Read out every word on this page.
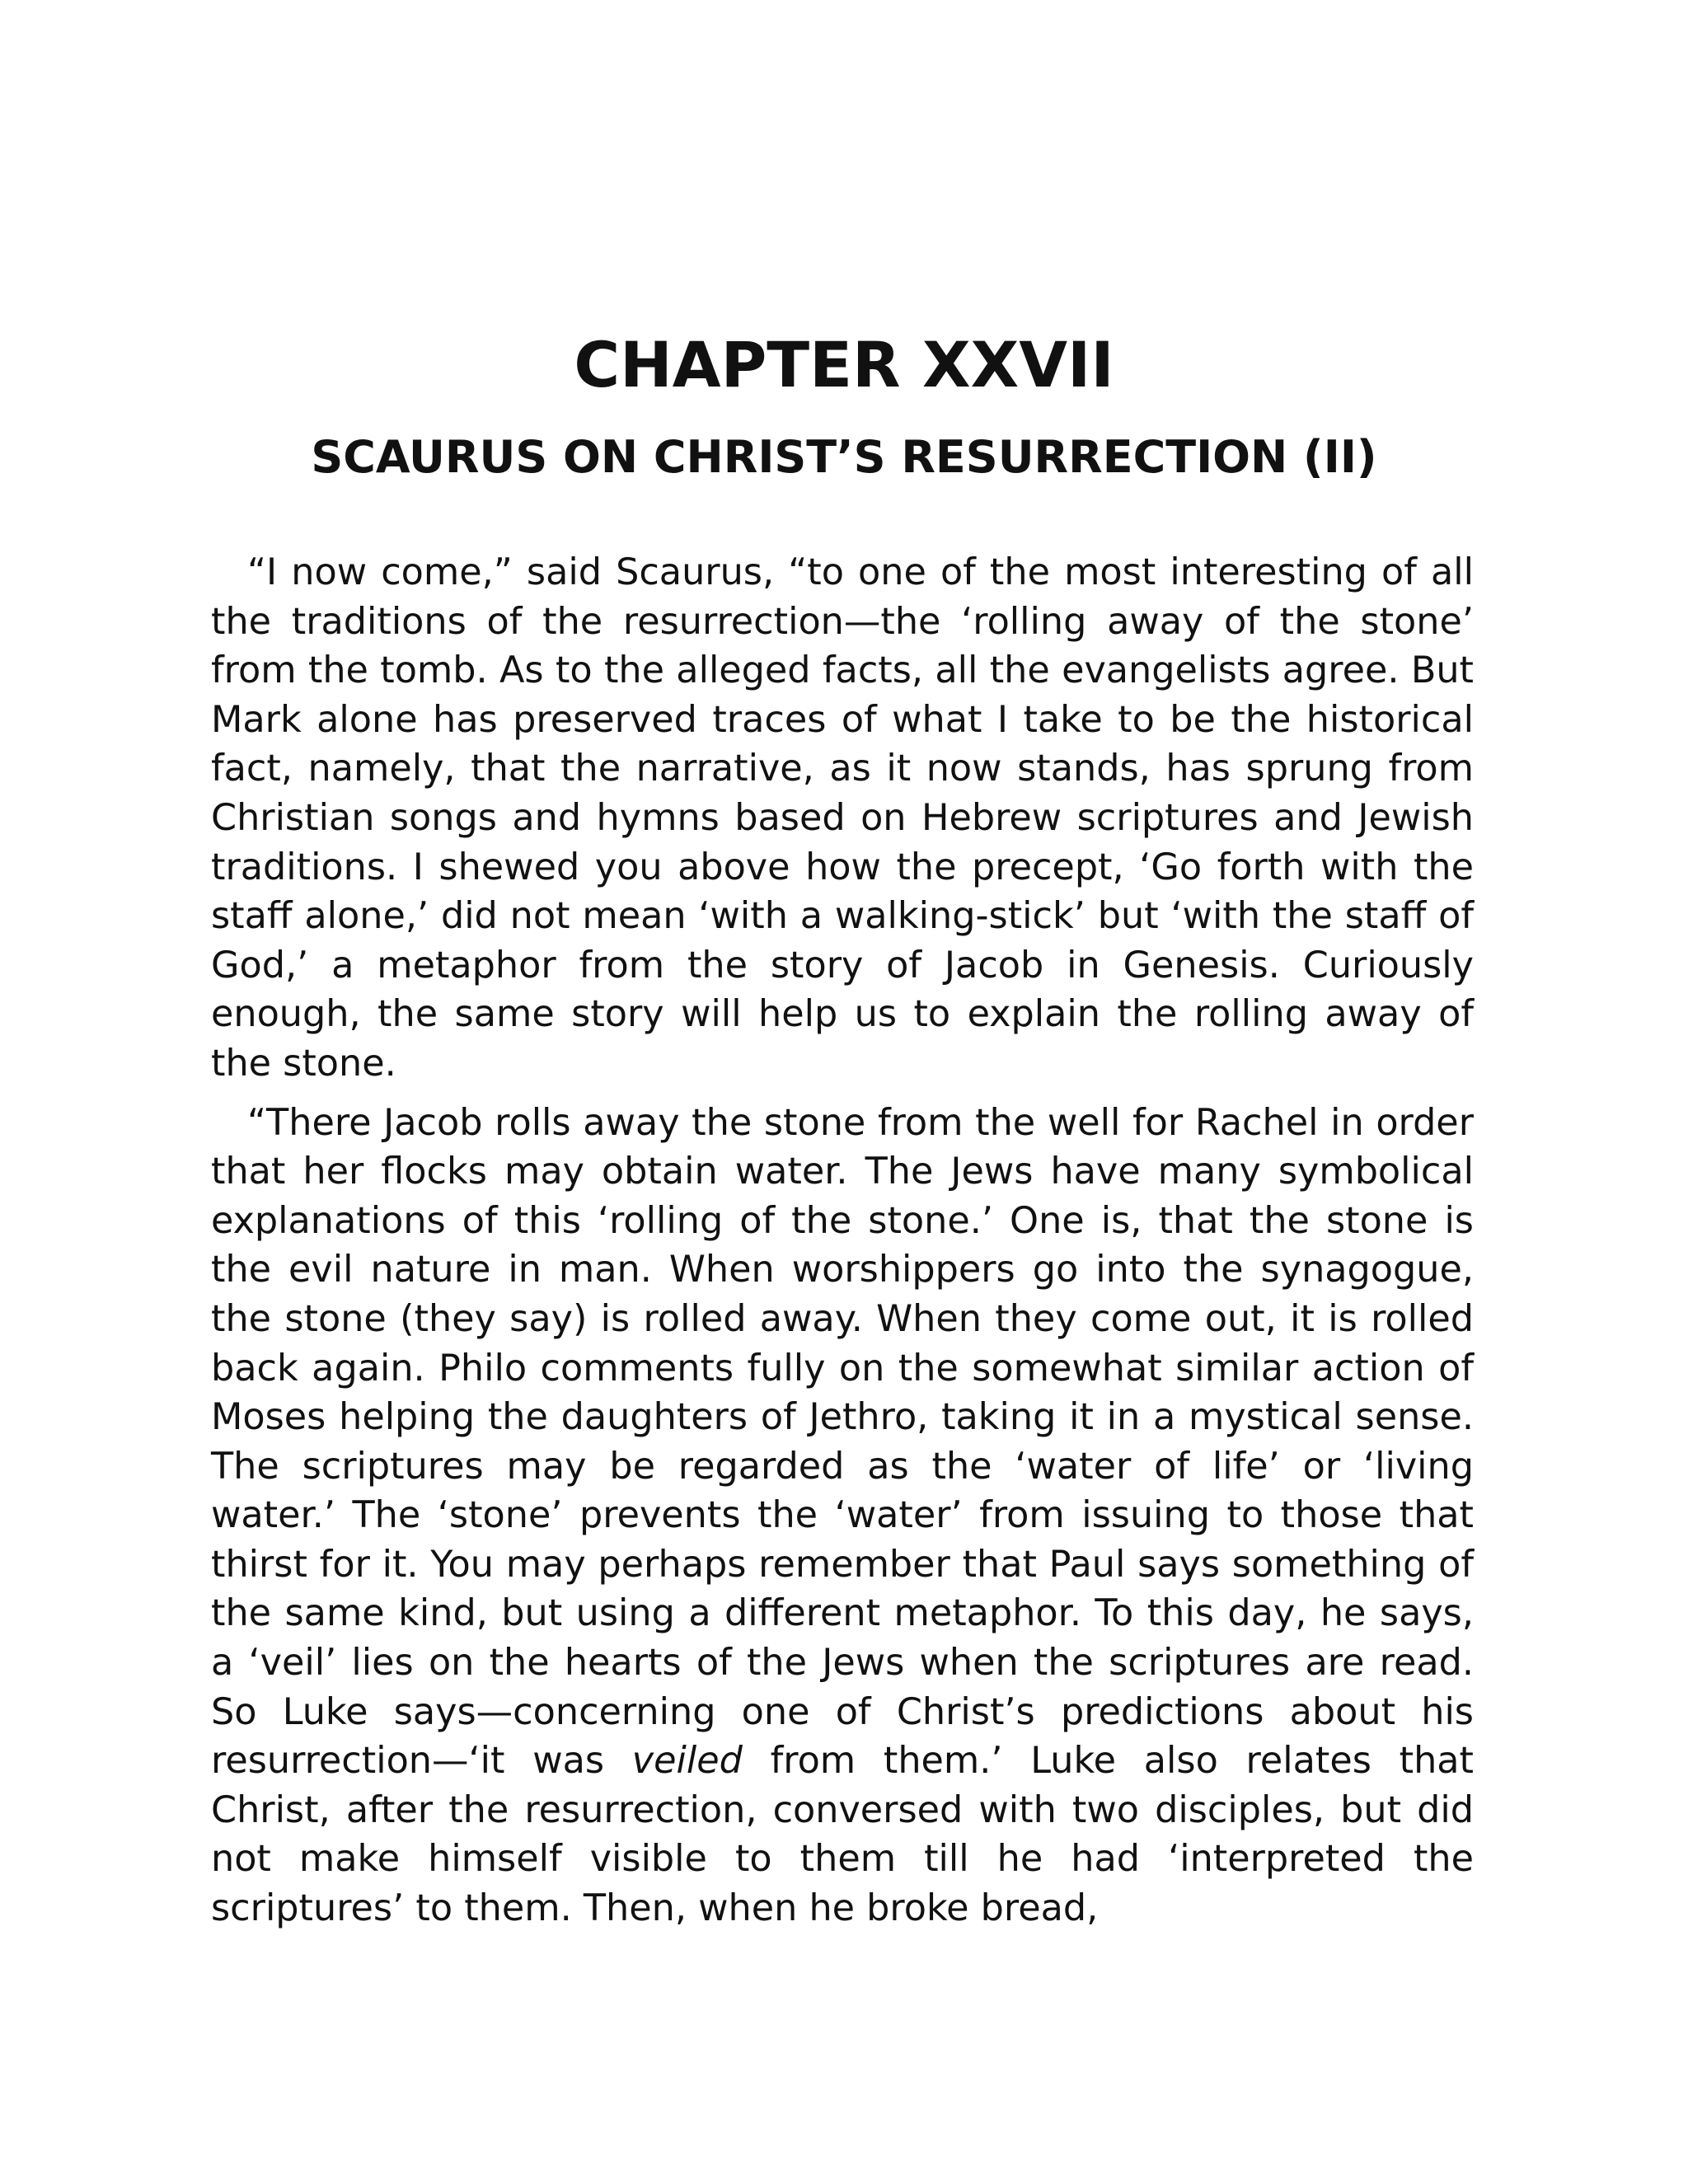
CHAPTER XXVII
SCAURUS ON CHRIST’S RESURRECTION (II)

“I now come,” said Scaurus, “to one of the most interesting of all the traditions of the resurrection—the ‘rolling away of the stone’ from the tomb. As to the alleged facts, all the evangelists agree. But Mark alone has preserved traces of what I take to be the historical fact, namely, that the narrative, as it now stands, has sprung from Christian songs and hymns based on Hebrew scriptures and Jewish traditions. I shewed you above how the precept, ‘Go forth with the staff alone,’ did not mean ‘with a walking-stick’ but ‘with the staff of God,’ a metaphor from the story of Jacob in Genesis. Curiously enough, the same story will help us to explain the rolling away of the stone.

“There Jacob rolls away the stone from the well for Rachel in order that her flocks may obtain water. The Jews have many symbolical explanations of this ‘rolling of the stone.’ One is, that the stone is the evil nature in man. When worshippers go into the synagogue, the stone (they say) is rolled away. When they come out, it is rolled back again. Philo comments fully on the somewhat similar action of Moses helping the daughters of Jethro, taking it in a mystical sense. The scriptures may be regarded as the ‘water of life’ or ‘living water.’ The ‘stone’ prevents the ‘water’ from issuing to those that thirst for it. You may perhaps remember that Paul says something of the same kind, but using a different metaphor. To this day, he says, a ‘veil’ lies on the hearts of the Jews when the scriptures are read. So Luke says—concerning one of Christ’s predictions about his resurrection—‘it was veiled from them.’ Luke also relates that Christ, after the resurrection, conversed with two disciples, but did not make himself visible to them till he had ‘interpreted the scriptures’ to them. Then, when he broke bread,
